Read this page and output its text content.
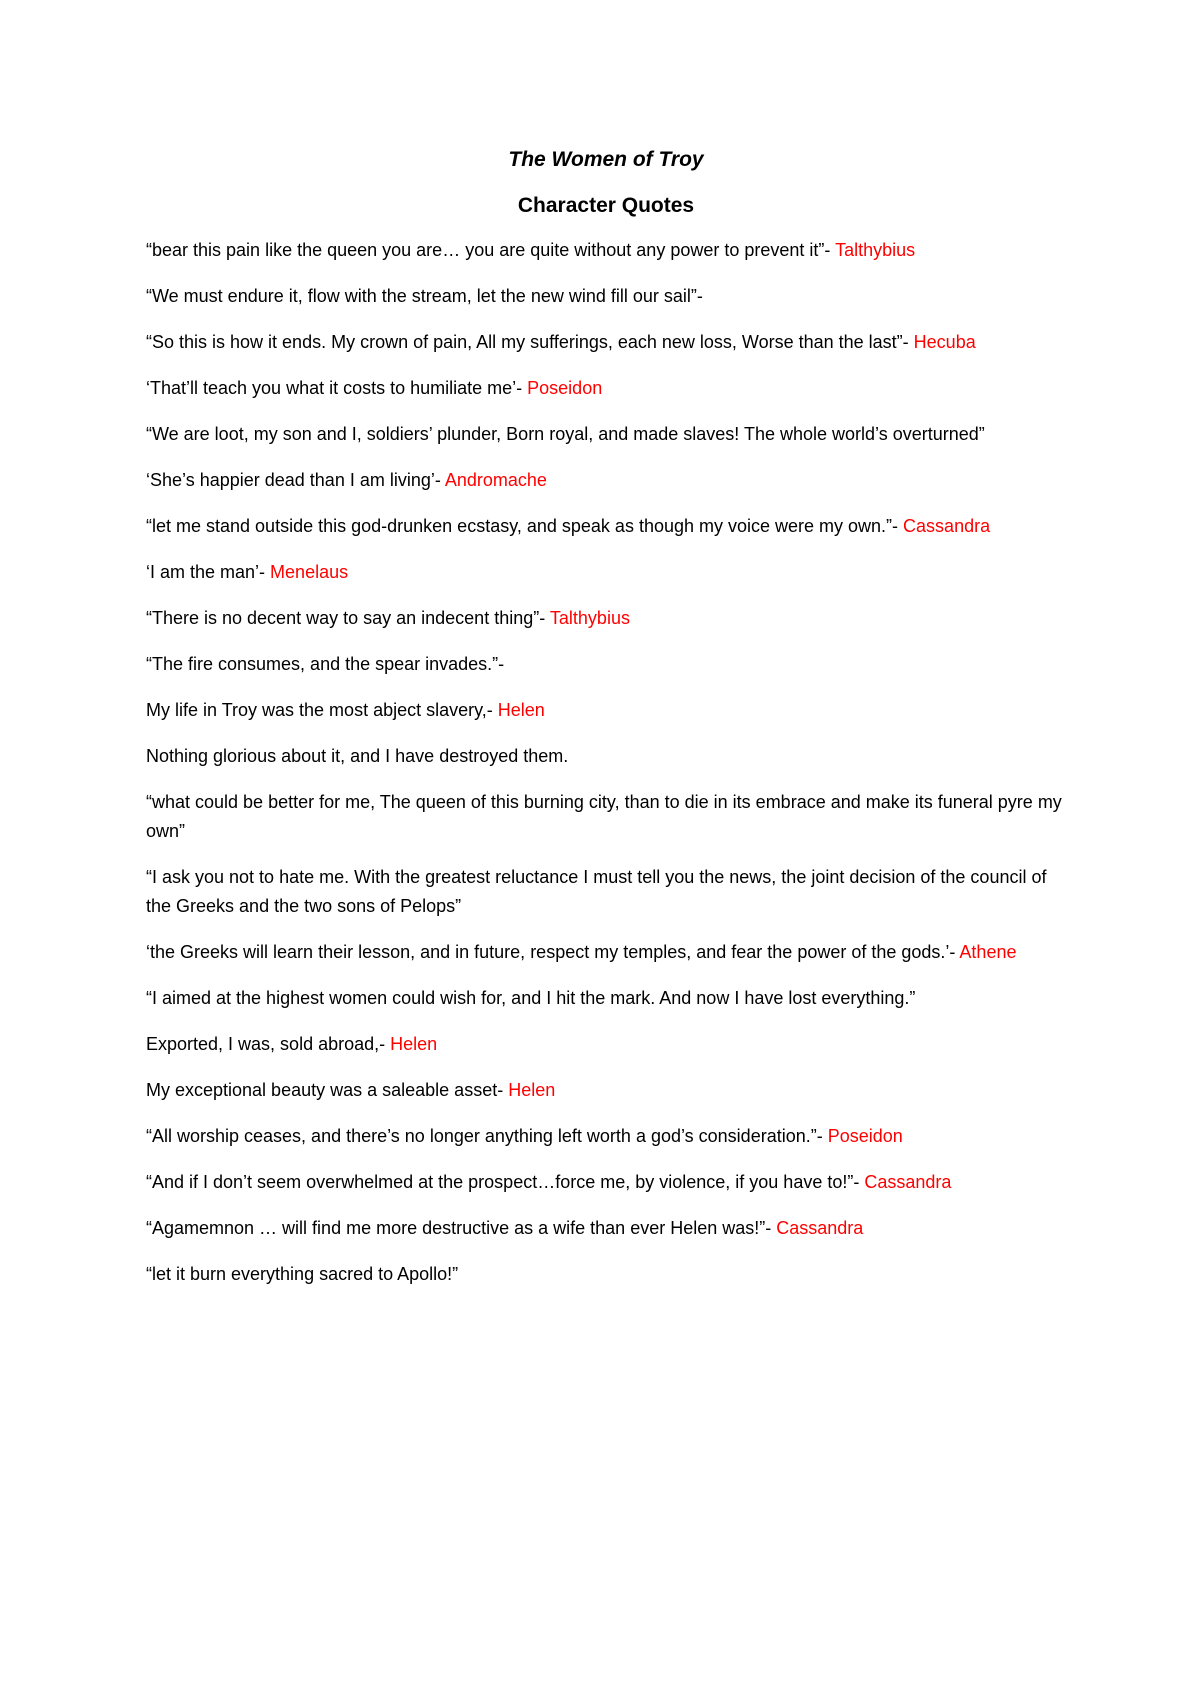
The Women of Troy
Character Quotes
“bear this pain like the queen you are… you are quite without any power to prevent it”- Talthybius
“We must endure it, flow with the stream, let the new wind fill our sail”-
“So this is how it ends. My crown of pain, All my sufferings, each new loss, Worse than the last”- Hecuba
‘That’ll teach you what it costs to humiliate me’- Poseidon
“We are loot, my son and I, soldiers’ plunder, Born royal, and made slaves! The whole world’s overturned”
‘She’s happier dead than I am living’- Andromache
“let me stand outside this god-drunken ecstasy, and speak as though my voice were my own.”- Cassandra
‘I am the man’- Menelaus
“There is no decent way to say an indecent thing”- Talthybius
“The fire consumes, and the spear invades.”-
My life in Troy was the most abject slavery,- Helen
Nothing glorious about it, and I have destroyed them.
“what could be better for me, The queen of this burning city, than to die in its embrace and make its funeral pyre my own”
“I ask you not to hate me. With the greatest reluctance I must tell you the news, the joint decision of the council of the Greeks and the two sons of Pelops”
‘the Greeks will learn their lesson, and in future, respect my temples, and fear the power of the gods.’- Athene
“I aimed at the highest women could wish for, and I hit the mark. And now I have lost everything.”
Exported, I was, sold abroad,- Helen
My exceptional beauty was a saleable asset- Helen
“All worship ceases, and there’s no longer anything left worth a god’s consideration.”- Poseidon
“And if I don’t seem overwhelmed at the prospect…force me, by violence, if you have to!”- Cassandra
“Agamemnon … will find me more destructive as a wife than ever Helen was!”- Cassandra
“let it burn everything sacred to Apollo!”
